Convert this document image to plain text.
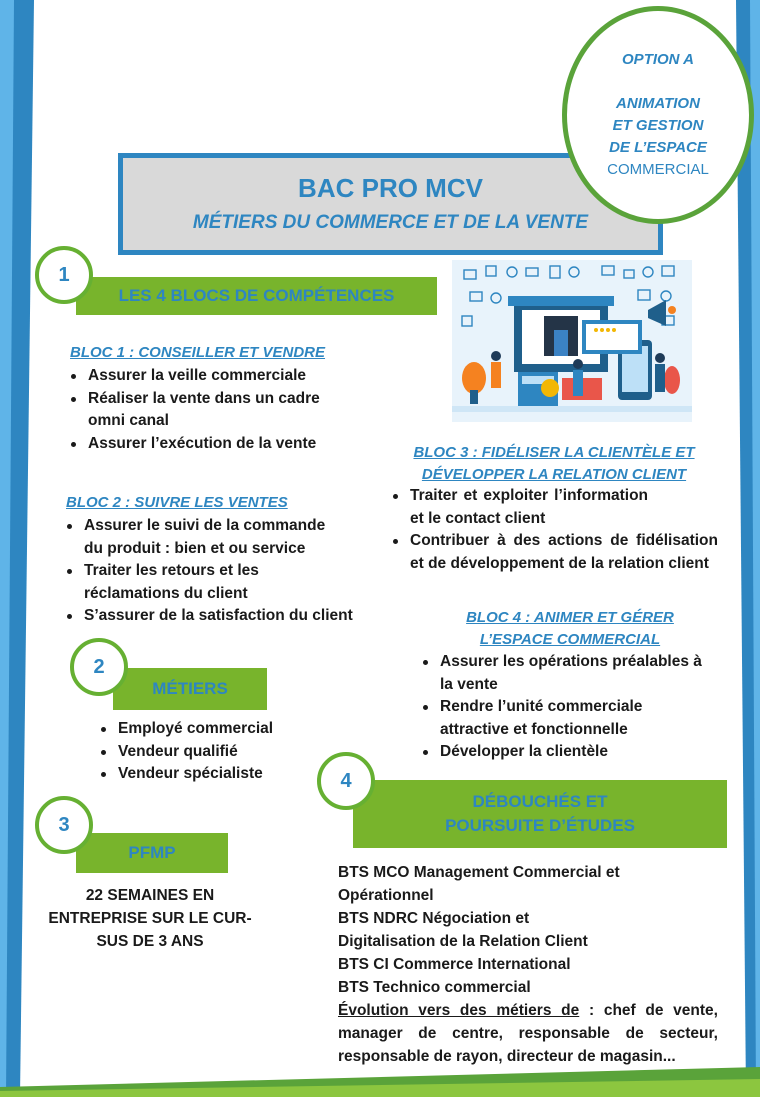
OPTION A
ANIMATION
ET GESTION
DE L’ESPACE
COMMERCIAL
BAC PRO MCV
MÉTIERS DU COMMERCE ET DE LA VENTE
LES 4 BLOCS DE COMPÉTENCES
1
BLOC 1 : CONSEILLER ET VENDRE
Assurer la veille commerciale
Réaliser la vente dans un cadre omni canal
Assurer l’exécution de la vente
BLOC 2 : SUIVRE LES VENTES
Assurer le suivi de la commande du produit : bien et ou service
Traiter les retours et les réclamations du client
S’assurer de la satisfaction du client
BLOC 3 : FIDÉLISER LA CLIENTÈLE ET
DÉVELOPPER LA RELATION CLIENT
Traiter et exploiter l’information et le contact client
Contribuer à des actions de fidélisation et de développement de la relation client
BLOC 4 : ANIMER ET GÉRER
L’ESPACE COMMERCIAL
Assurer les opérations préalables à la vente
Rendre l’unité commerciale attractive et fonctionnelle
Développer la clientèle
MÉTIERS
2
Employé commercial
Vendeur qualifié
Vendeur spécialiste
PFMP
3
22 SEMAINES EN
ENTREPRISE SUR LE CUR-
SUS DE 3 ANS
DÉBOUCHÉS ET
POURSUITE D’ÉTUDES
4
BTS MCO Management Commercial et
Opérationnel
BTS NDRC Négociation et
Digitalisation de la Relation Client
BTS CI Commerce International
BTS Technico commercial
Évolution vers des métiers de : chef de vente, manager de centre, responsable de secteur, responsable de rayon, directeur de magasin...
